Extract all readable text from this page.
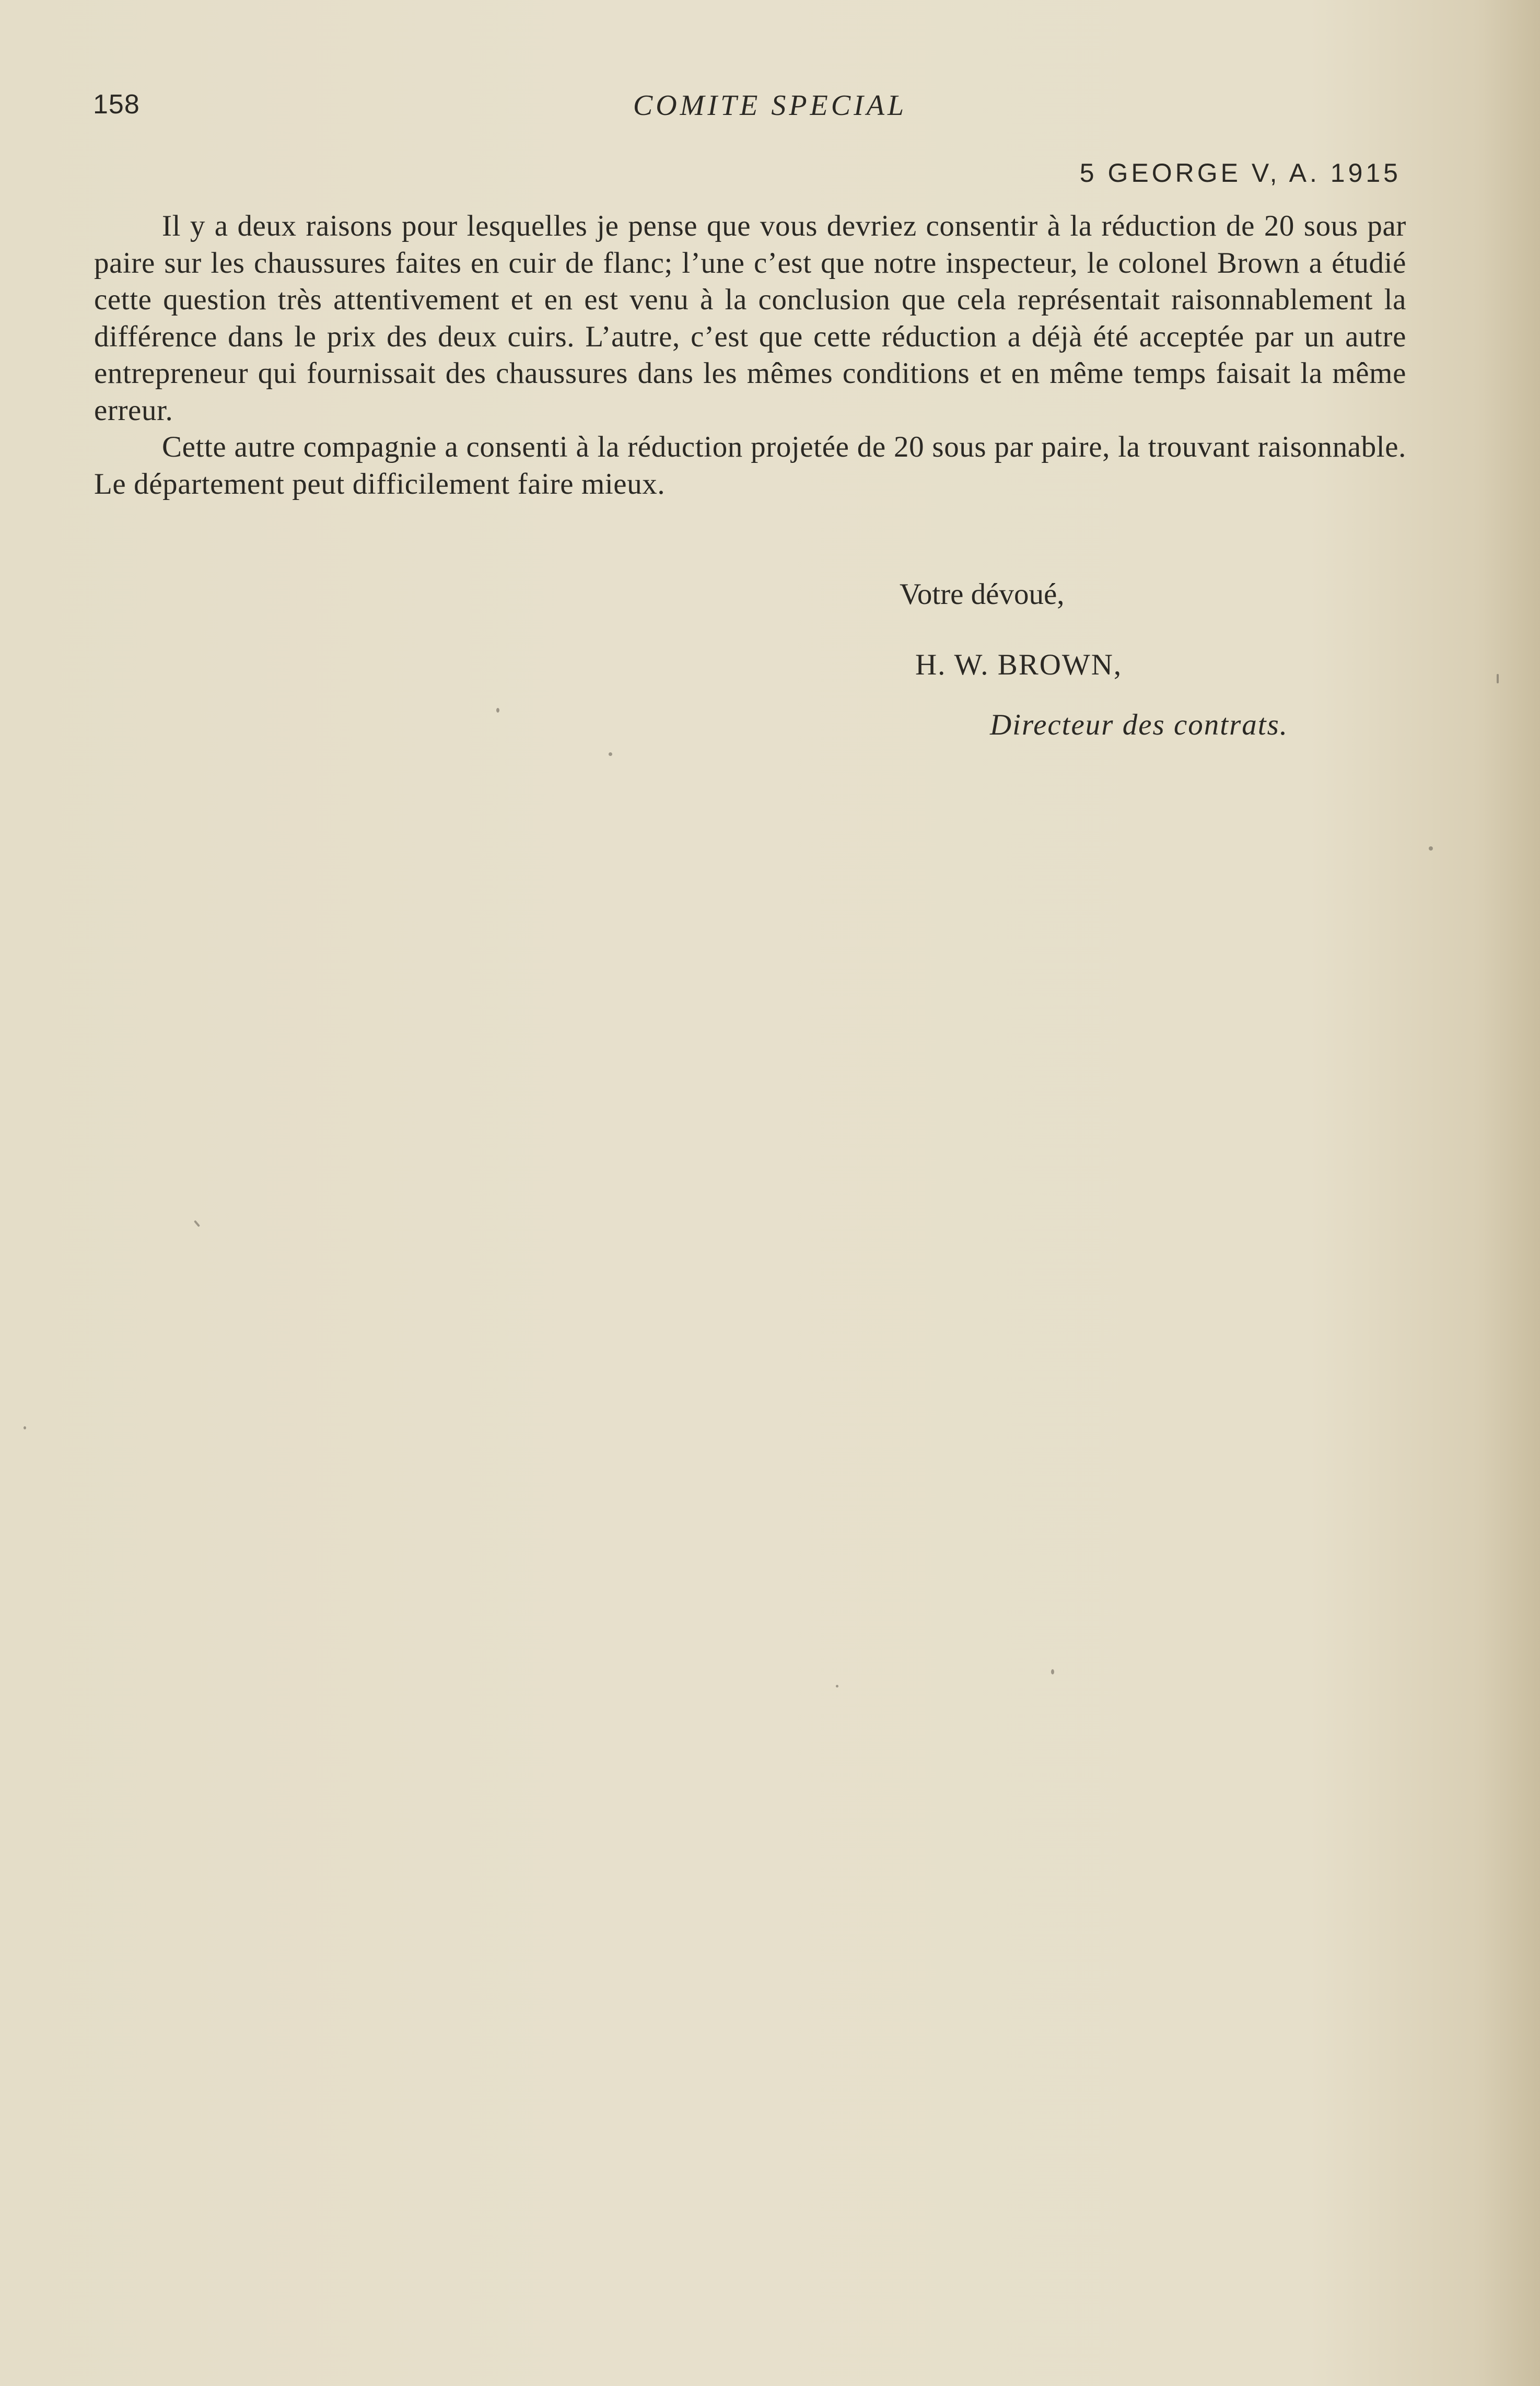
158	COMITE SPECIAL
5 GEORGE V, A. 1915

Il y a deux raisons pour lesquelles je pense que vous devriez consentir à la réduction de 20 sous par paire sur les chaussures faites en cuir de flanc; l’une c’est que notre inspecteur, le colonel Brown a étudié cette question très attentivement et en est venu à la conclusion que cela représentait raisonnablement la différence dans le prix des deux cuirs. L’autre, c’est que cette réduction a déjà été acceptée par un autre entrepreneur qui fournissait des chaussures dans les mêmes conditions et en même temps faisait la même erreur.

Cette autre compagnie a consenti à la réduction projetée de 20 sous par paire, la trouvant raisonnable. Le département peut difficilement faire mieux.

Votre dévoué,
H. W. BROWN,
Directeur des contrats.
